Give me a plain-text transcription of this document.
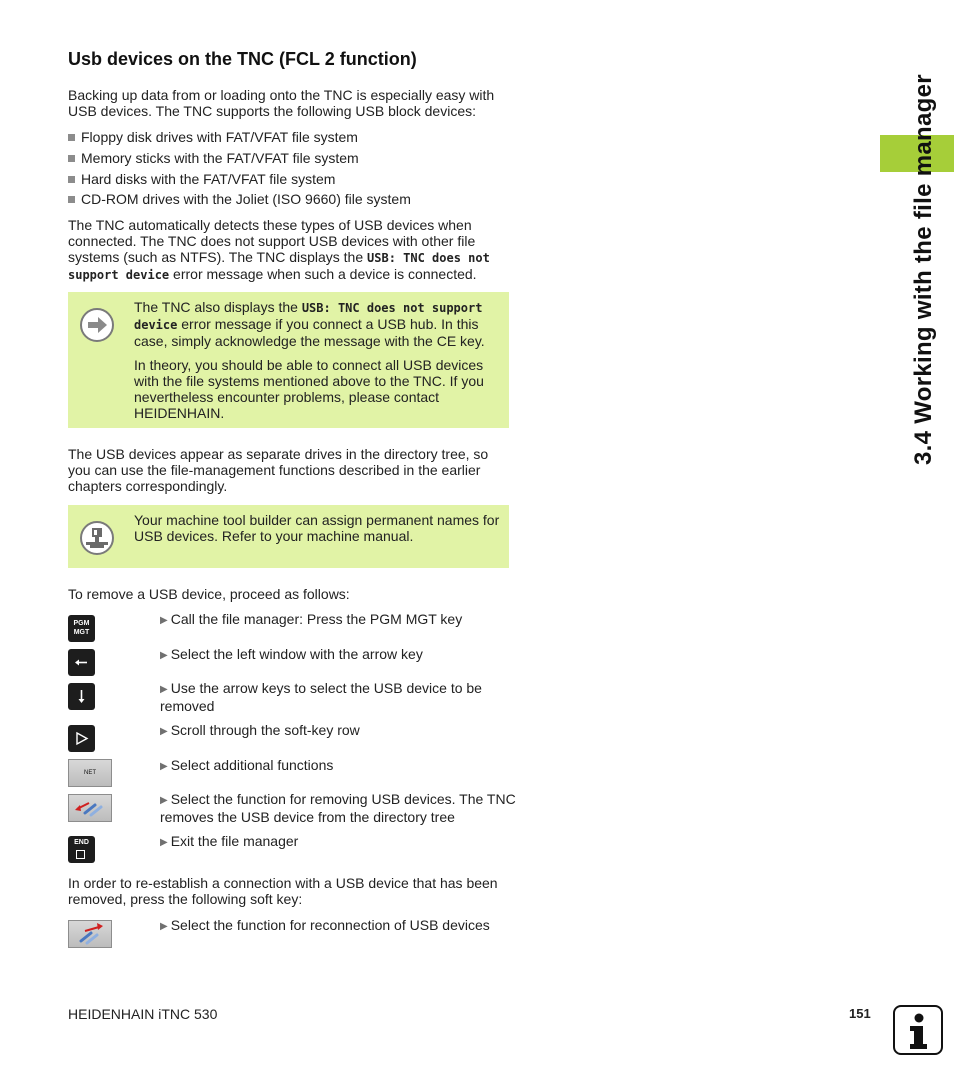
Usb devices on the TNC (FCL 2 function)
Backing up data from or loading onto the TNC is especially easy with USB devices. The TNC supports the following USB block devices:
Floppy disk drives with FAT/VFAT file system
Memory sticks with the FAT/VFAT file system
Hard disks with the FAT/VFAT file system
CD-ROM drives with the Joliet (ISO 9660) file system
The TNC automatically detects these types of USB devices when connected. The TNC does not support USB devices with other file systems (such as NTFS). The TNC displays the USB: TNC does not support device error message when such a device is connected.
The TNC also displays the USB: TNC does not support device error message if you connect a USB hub. In this case, simply acknowledge the message with the CE key.
In theory, you should be able to connect all USB devices with the file systems mentioned above to the TNC. If you nevertheless encounter problems, please contact HEIDENHAIN.
The USB devices appear as separate drives in the directory tree, so you can use the file-management functions described in the earlier chapters correspondingly.
Your machine tool builder can assign permanent names for USB devices. Refer to your machine manual.
To remove a USB device, proceed as follows:
PGM
MGT
▶ Call the file manager: Press the PGM MGT key
▶ Select the left window with the arrow key
▶ Use the arrow keys to select the USB device to be removed
▶ Scroll through the soft-key row
NET
▶ Select additional functions
▶ Select the function for removing USB devices. The TNC removes the USB device from the directory tree
END	▶ Exit the file manager
In order to re-establish a connection with a USB device that has been removed, press the following soft key:
▶ Select the function for reconnection of USB devices
3.4 Working with the file manager
HEIDENHAIN iTNC 530	151
